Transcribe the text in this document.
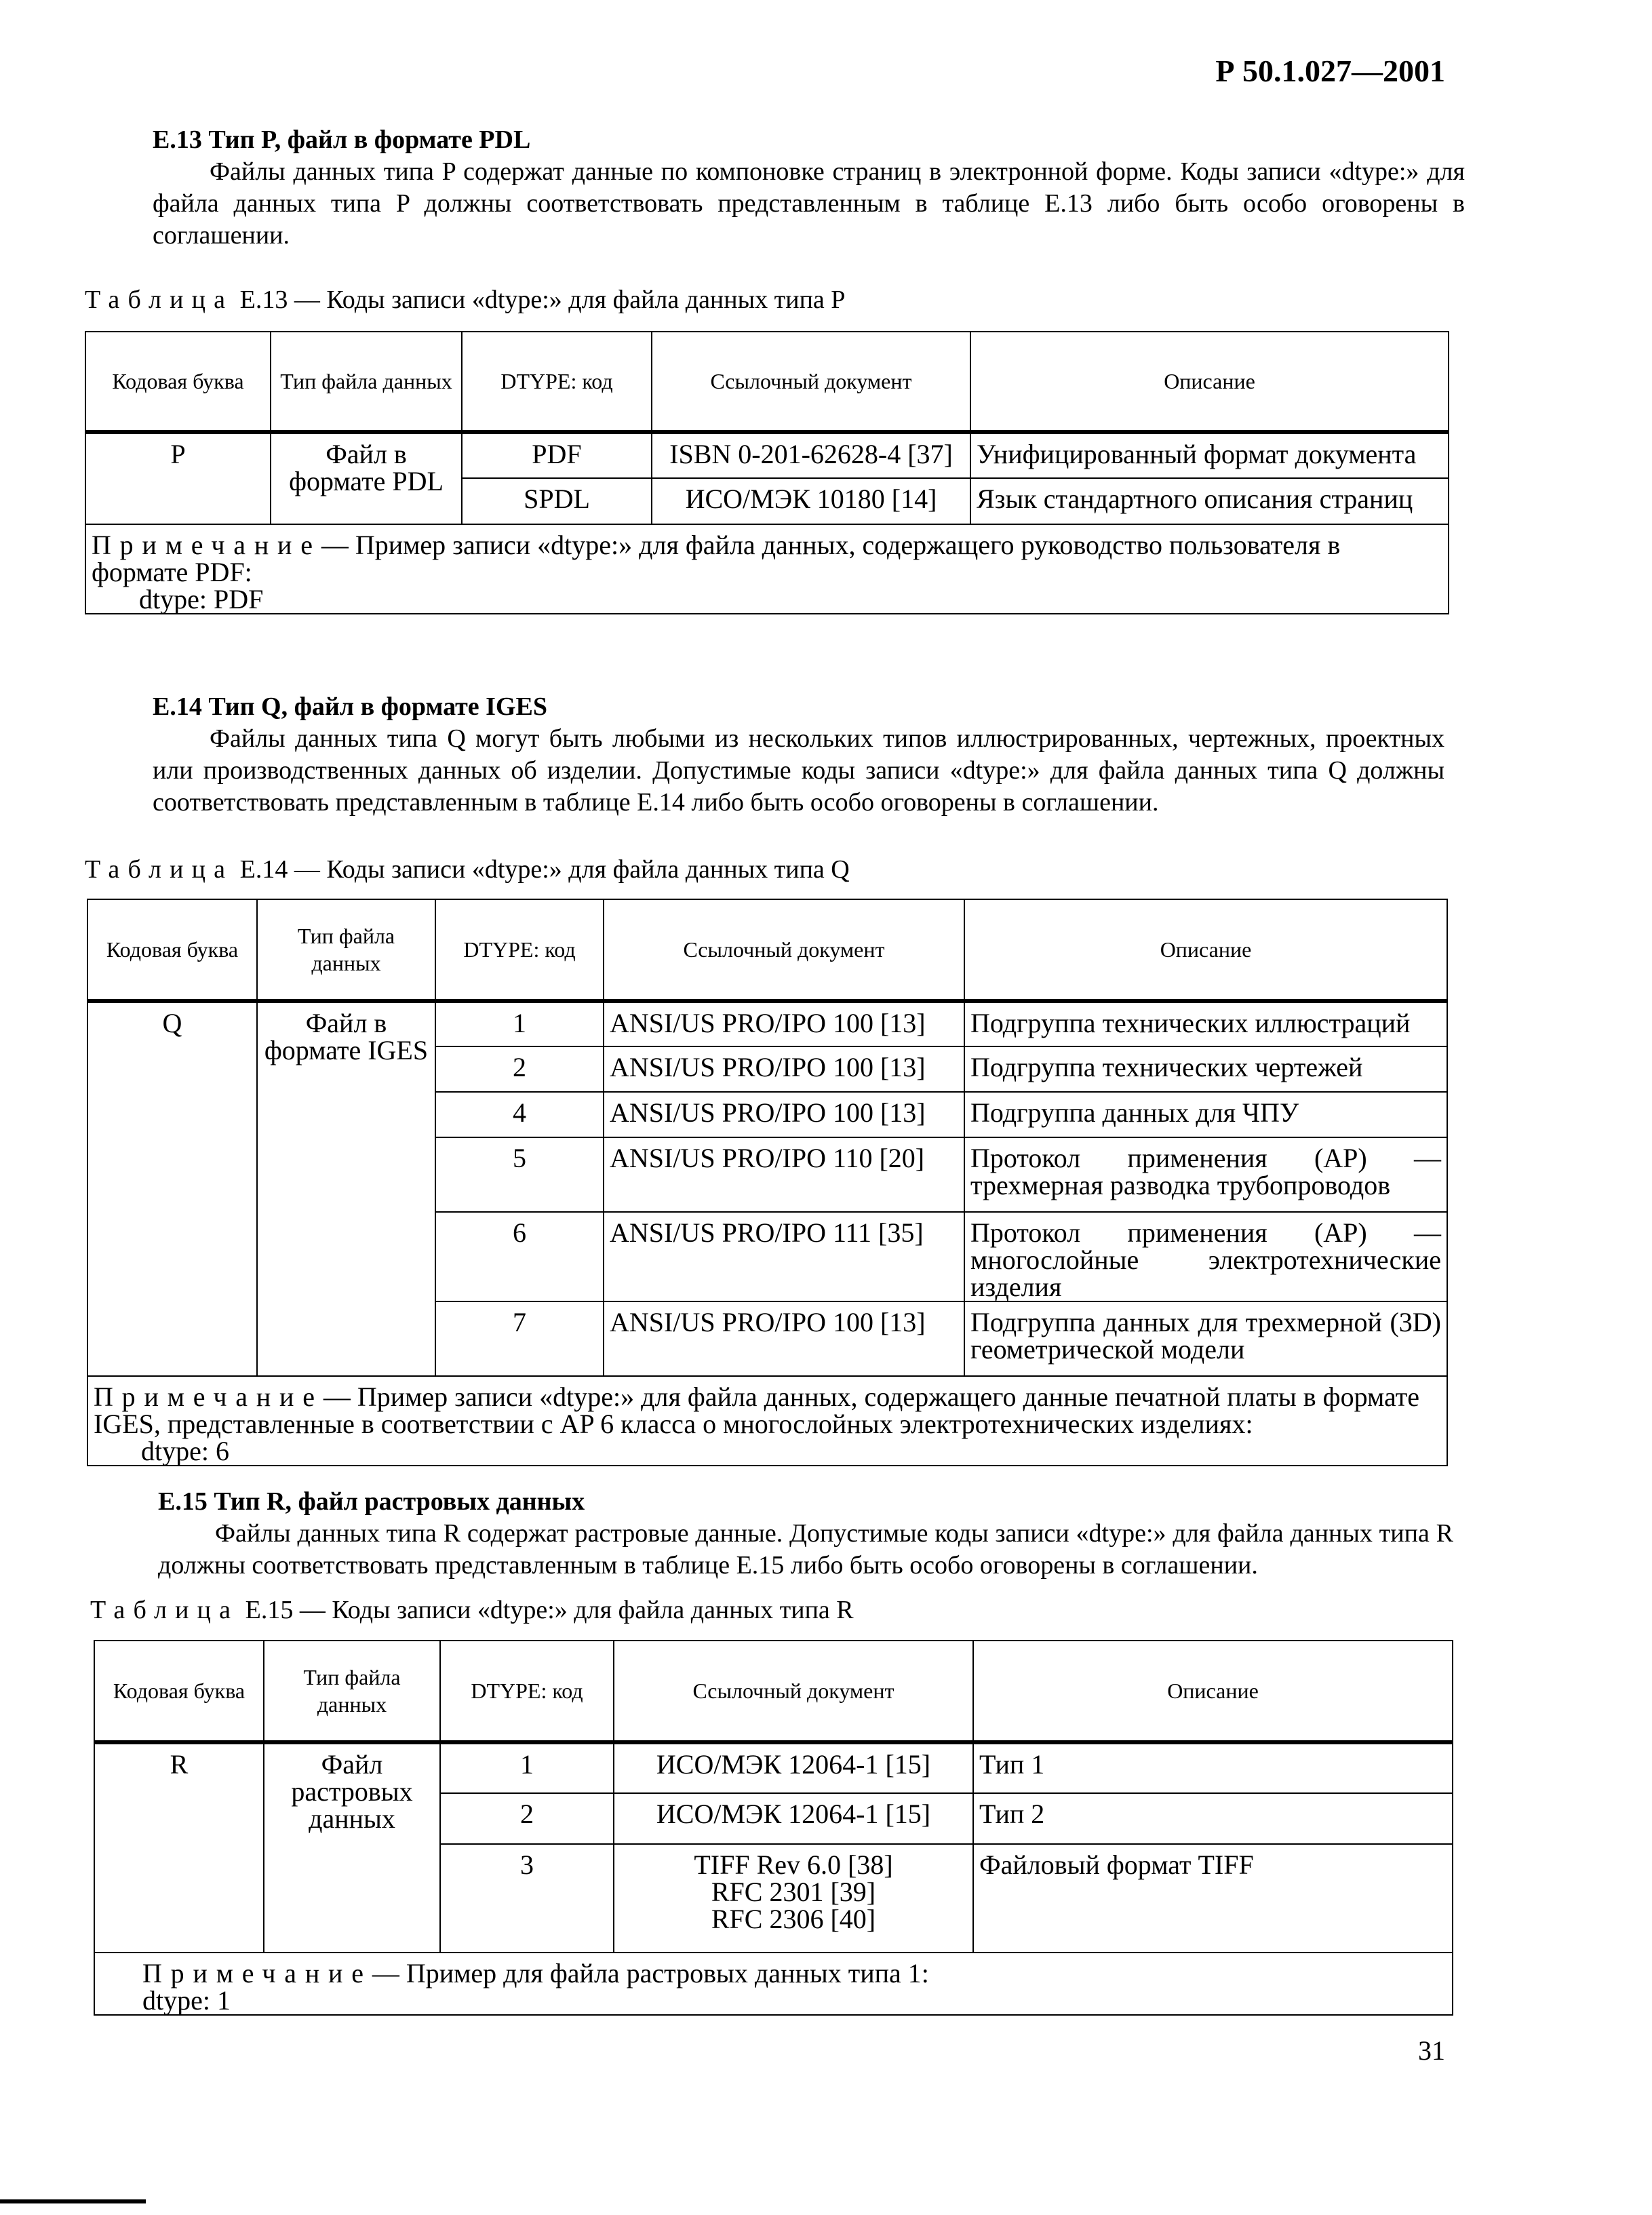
Р 50.1.027—2001
Е.13 Тип P, файл в формате PDL

Файлы данных типа P содержат данные по компоновке страниц в электронной форме. Коды записи «dtype:» для файла данных типа P должны соответствовать представленным в таблице Е.13 либо быть особо оговорены в соглашении.

Таблица Е.13 — Коды записи «dtype:» для файла данных типа P
Кодовая буква	Тип файла данных	DTYPE: код	Ссылочный документ	Описание
P	Файл в формате PDL	PDF	ISBN 0-201-62628-4 [37]	Унифицированный формат документа
		SPDL	ИСО/МЭК 10180 [14]	Язык стандартного описания страниц
Примечание— Пример записи «dtype:» для файла данных, содержащего руководство пользователя в формате PDF:
dtype: PDF				
Е.14 Тип Q, файл в формате IGES

Файлы данных типа Q могут быть любыми из нескольких типов иллюстрированных, чертежных, проектных или производственных данных об изделии. Допустимые коды записи «dtype:» для файла данных типа Q должны соответствовать представленным в таблице Е.14 либо быть особо оговорены в соглашении.

Таблица Е.14 — Коды записи «dtype:» для файла данных типа Q
Кодовая буква	Тип файла данных	DTYPE: код	Ссылочный документ	Описание
Q	Файл в формате IGES	1	ANSI/US PRO/IPO 100 [13]	Подгруппа технических иллюстраций
		2	ANSI/US PRO/IPO 100 [13]	Подгруппа технических чертежей
		4	ANSI/US PRO/IPO 100 [13]	Подгруппа данных для ЧПУ
		5	ANSI/US PRO/IPO 110 [20]	Протокол применения (AP) — трехмерная разводка трубопроводов
		6	ANSI/US PRO/IPO 111 [35]	Протокол применения (AP) — многослойные электротехнические изделия
		7	ANSI/US PRO/IPO 100 [13]	Подгруппа данных для трехмерной (3D) геометрической модели
Примечание— Пример записи «dtype:» для файла данных, содержащего данные печатной платы в формате IGES, представленные в соответствии с AP 6 класса о многослойных электротехнических изделиях:
dtype: 6				
Е.15 Тип R, файл растровых данных

Файлы данных типа R содержат растровые данные. Допустимые коды записи «dtype:» для файла данных типа R должны соответствовать представленным в таблице Е.15 либо быть особо оговорены в соглашении.

Таблица Е.15 — Коды записи «dtype:» для файла данных типа R
Кодовая буква	Тип файла данных	DTYPE: код	Ссылочный документ	Описание
R	Файл растровых данных	1	ИСО/МЭК 12064-1 [15]	Тип 1
		2	ИСО/МЭК 12064-1 [15]	Тип 2
		3	TIFF Rev 6.0 [38]
RFC 2301 [39]
RFC 2306 [40]	Файловый формат TIFF
Примечание— Пример для файла растровых данных типа 1:
dtype: 1				
31
